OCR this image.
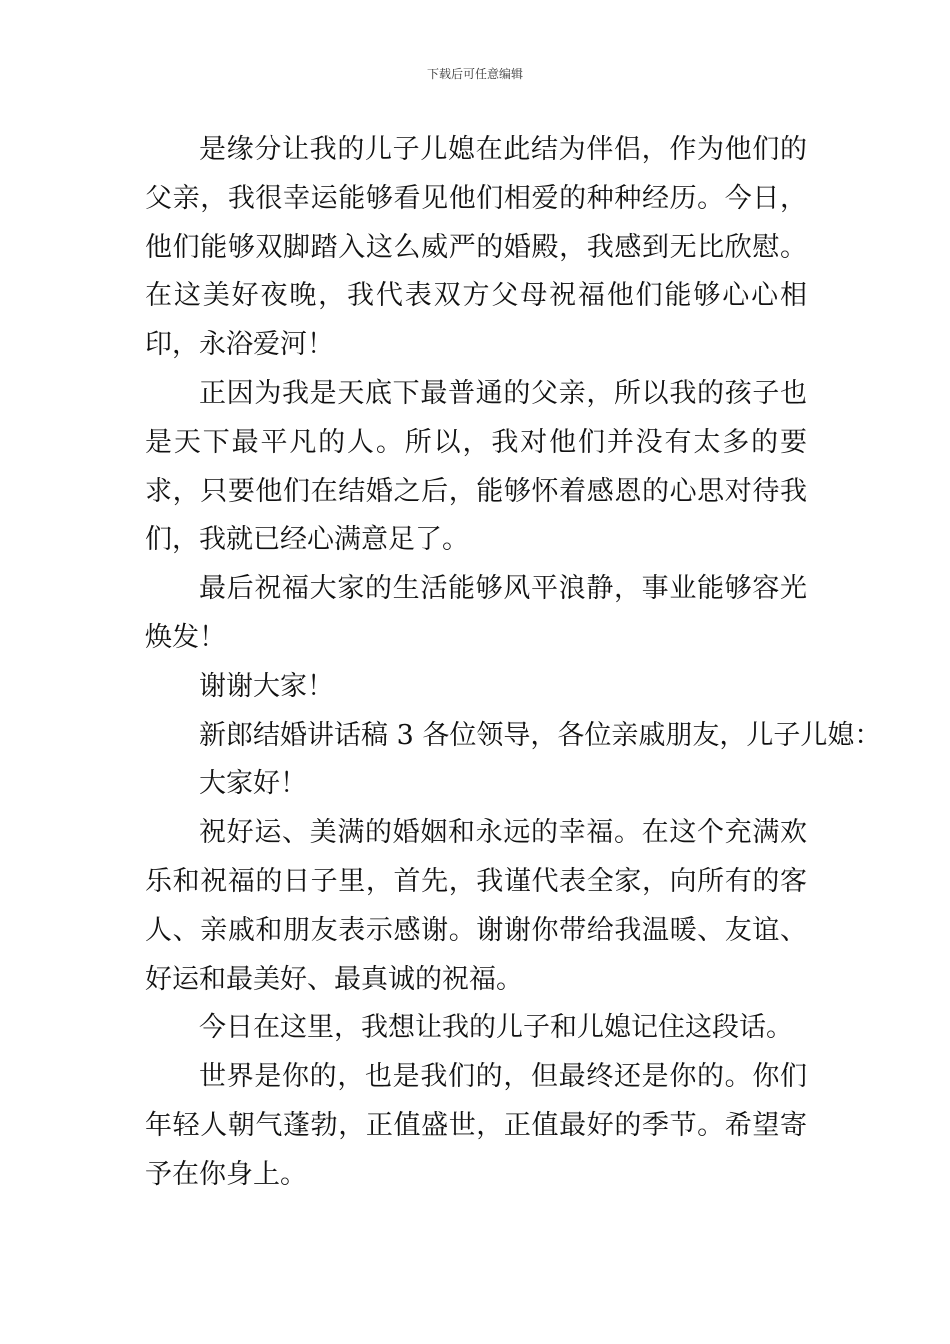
下载后可任意编辑

是缘分让我的儿子儿媳在此结为伴侣，作为他们的父亲，我很幸运能够看见他们相爱的种种经历。今日，他们能够双脚踏入这么威严的婚殿，我感到无比欣慰。在这美好夜晚，我代表双方父母祝福他们能够心心相印，永浴爱河！

正因为我是天底下最普通的父亲，所以我的孩子也是天下最平凡的人。所以，我对他们并没有太多的要求，只要他们在结婚之后，能够怀着感恩的心思对待我们，我就已经心满意足了。

最后祝福大家的生活能够风平浪静，事业能够容光焕发！

谢谢大家！

新郎结婚讲话稿 3 各位领导，各位亲戚朋友，儿子儿媳：

大家好！

祝好运、美满的婚姻和永远的幸福。在这个充满欢乐和祝福的日子里，首先，我谨代表全家，向所有的客人、亲戚和朋友表示感谢。谢谢你带给我温暖、友谊、好运和最美好、最真诚的祝福。

今日在这里，我想让我的儿子和儿媳记住这段话。

世界是你的，也是我们的，但最终还是你的。你们年轻人朝气蓬勃，正值盛世，正值最好的季节。希望寄予在你身上。
